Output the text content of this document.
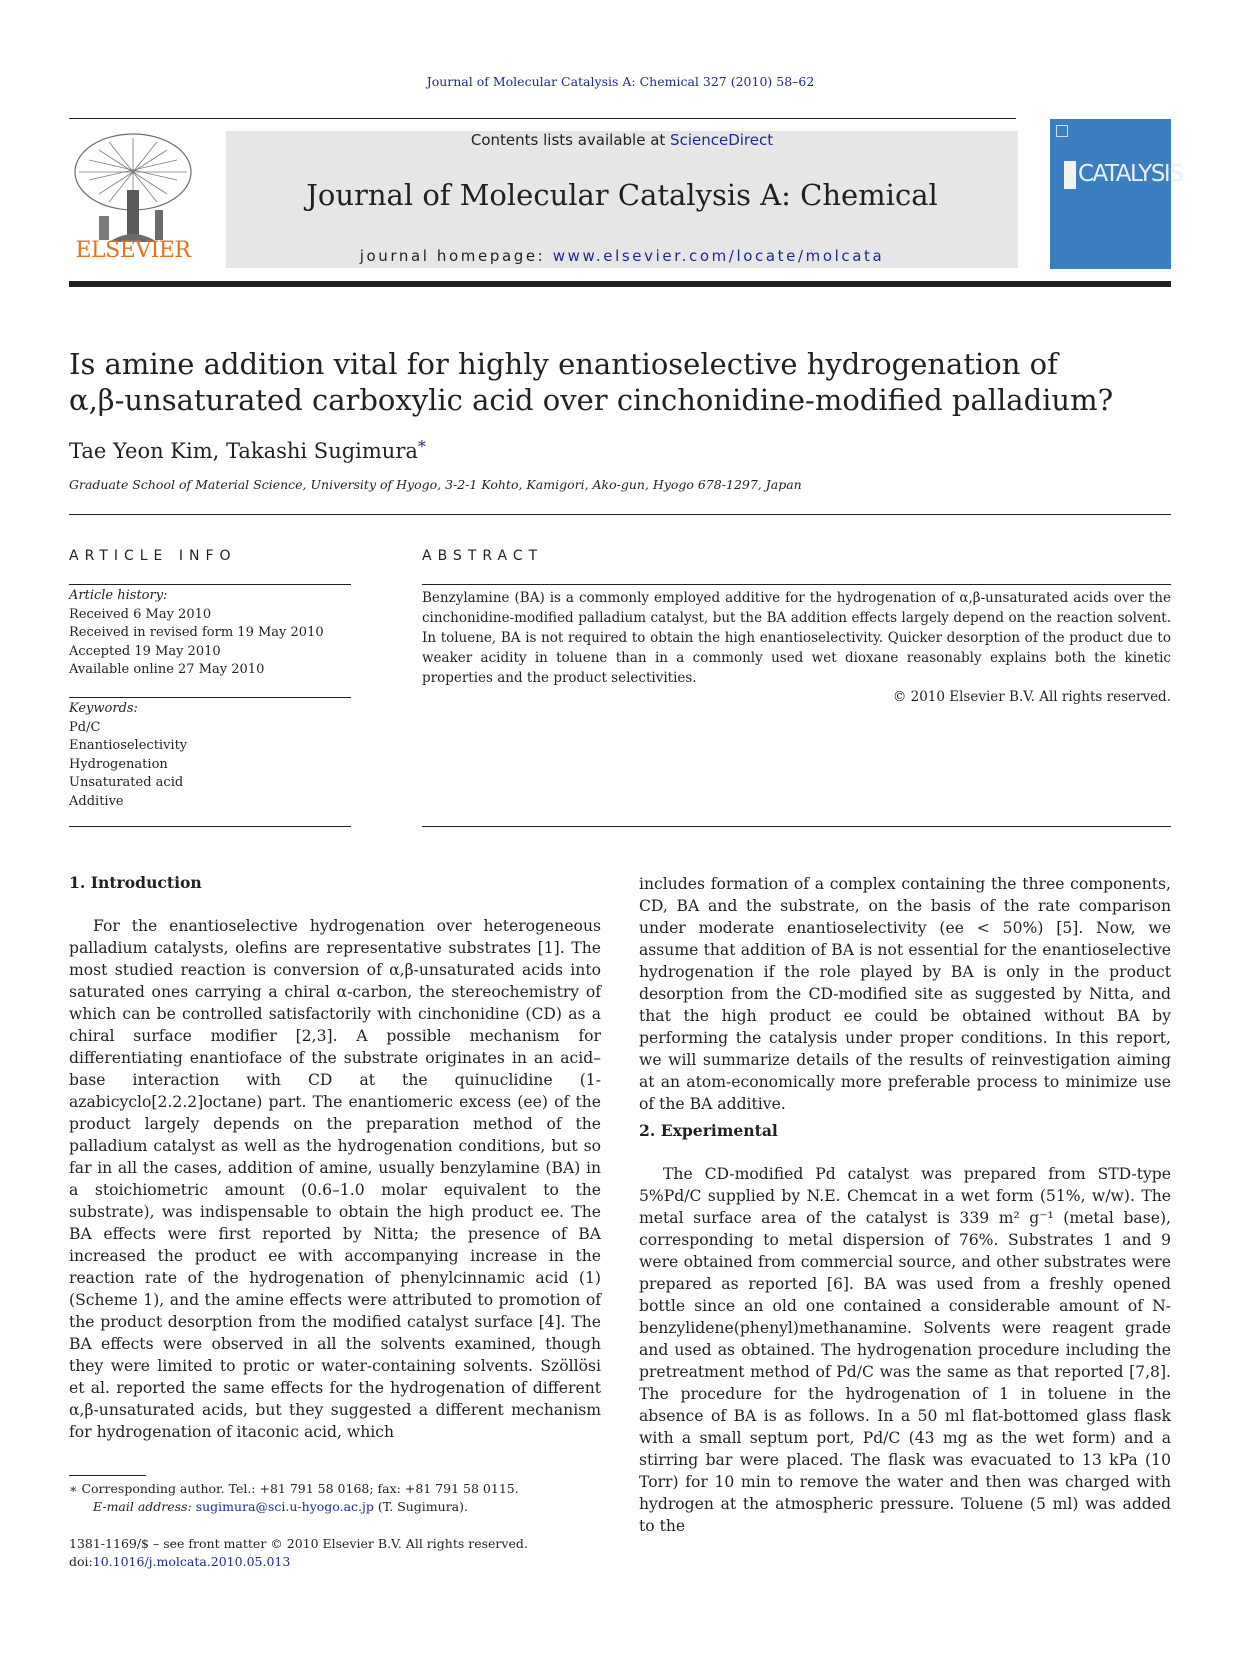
Journal of Molecular Catalysis A: Chemical 327 (2010) 58–62
ELSEVIER
Contents lists available at ScienceDirect
Journal of Molecular Catalysis A: Chemical
journal homepage: www.elsevier.com/locate/molcata
CATALYSIS
Is amine addition vital for highly enantioselective hydrogenation of
α,β-unsaturated carboxylic acid over cinchonidine-modified palladium?
Tae Yeon Kim, Takashi Sugimura*
Graduate School of Material Science, University of Hyogo, 3-2-1 Kohto, Kamigori, Ako-gun, Hyogo 678-1297, Japan
ARTICLE INFO	ABSTRACT
Article history:
Received 6 May 2010
Received in revised form 19 May 2010
Accepted 19 May 2010
Available online 27 May 2010
Keywords:
Pd/C
Enantioselectivity
Hydrogenation
Unsaturated acid
Additive
Benzylamine (BA) is a commonly employed additive for the hydrogenation of α,β-unsaturated acids over the cinchonidine-modified palladium catalyst, but the BA addition effects largely depend on the reaction solvent. In toluene, BA is not required to obtain the high enantioselectivity. Quicker desorption of the product due to weaker acidity in toluene than in a commonly used wet dioxane reasonably explains both the kinetic properties and the product selectivities.
© 2010 Elsevier B.V. All rights reserved.
1. Introduction

For the enantioselective hydrogenation over heterogeneous palladium catalysts, olefins are representative substrates [1]. The most studied reaction is conversion of α,β-unsaturated acids into saturated ones carrying a chiral α-carbon, the stereochemistry of which can be controlled satisfactorily with cinchonidine (CD) as a chiral surface modifier [2,3]. A possible mechanism for differentiating enantioface of the substrate originates in an acid–base interaction with CD at the quinuclidine (1-azabicyclo[2.2.2]octane) part. The enantiomeric excess (ee) of the product largely depends on the preparation method of the palladium catalyst as well as the hydrogenation conditions, but so far in all the cases, addition of amine, usually benzylamine (BA) in a stoichiometric amount (0.6–1.0 molar equivalent to the substrate), was indispensable to obtain the high product ee. The BA effects were first reported by Nitta; the presence of BA increased the product ee with accompanying increase in the reaction rate of the hydrogenation of phenylcinnamic acid (1) (Scheme 1), and the amine effects were attributed to promotion of the product desorption from the modified catalyst surface [4]. The BA effects were observed in all the solvents examined, though they were limited to protic or water-containing solvents. Szöllösi et al. reported the same effects for the hydrogenation of different α,β-unsaturated acids, but they suggested a different mechanism for hydrogenation of itaconic acid, which

includes formation of a complex containing the three components, CD, BA and the substrate, on the basis of the rate comparison under moderate enantioselectivity (ee < 50%) [5]. Now, we assume that addition of BA is not essential for the enantioselective hydrogenation if the role played by BA is only in the product desorption from the CD-modified site as suggested by Nitta, and that the high product ee could be obtained without BA by performing the catalysis under proper conditions. In this report, we will summarize details of the results of reinvestigation aiming at an atom-economically more preferable process to minimize use of the BA additive.

2. Experimental

The CD-modified Pd catalyst was prepared from STD-type 5%Pd/C supplied by N.E. Chemcat in a wet form (51%, w/w). The metal surface area of the catalyst is 339 m² g⁻¹ (metal base), corresponding to metal dispersion of 76%. Substrates 1 and 9 were obtained from commercial source, and other substrates were prepared as reported [6]. BA was used from a freshly opened bottle since an old one contained a considerable amount of N-benzylidene(phenyl)methanamine. Solvents were reagent grade and used as obtained. The hydrogenation procedure including the pretreatment method of Pd/C was the same as that reported [7,8]. The procedure for the hydrogenation of 1 in toluene in the absence of BA is as follows. In a 50 ml flat-bottomed glass flask with a small septum port, Pd/C (43 mg as the wet form) and a stirring bar were placed. The flask was evacuated to 13 kPa (10 Torr) for 10 min to remove the water and then was charged with hydrogen at the atmospheric pressure. Toluene (5 ml) was added to the

∗ Corresponding author. Tel.: +81 791 58 0168; fax: +81 791 58 0115.
E-mail address: sugimura@sci.u-hyogo.ac.jp (T. Sugimura).
1381-1169/$ – see front matter © 2010 Elsevier B.V. All rights reserved.
doi:10.1016/j.molcata.2010.05.013
